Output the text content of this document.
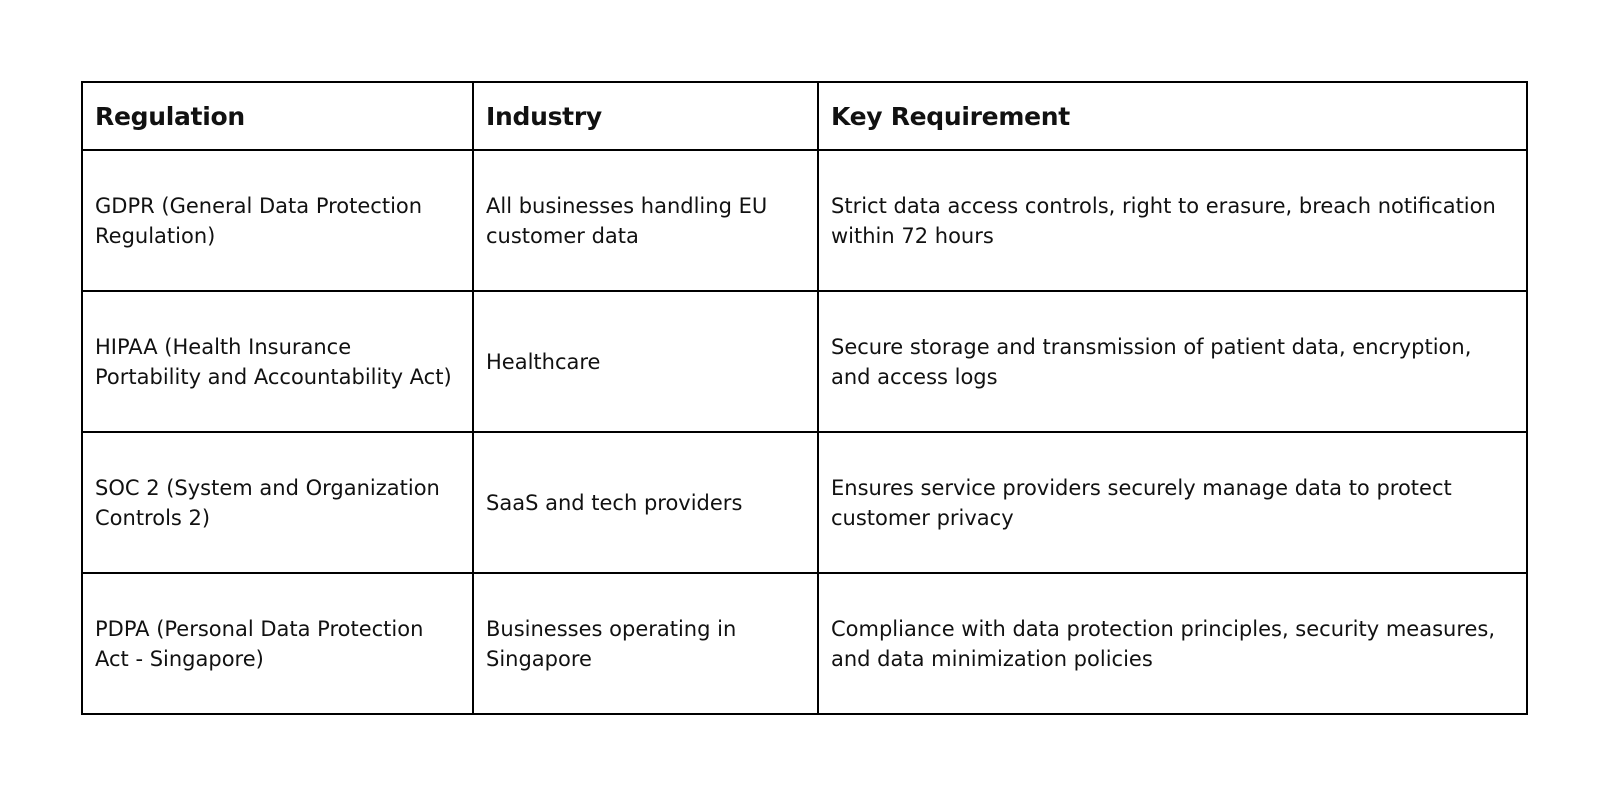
Regulation	Industry	Key Requirement
GDPR (General Data Protection Regulation)	All businesses handling EU customer data	Strict data access controls, right to erasure, breach notification within 72 hours
HIPAA (Health Insurance Portability and Accountability Act)	Healthcare	Secure storage and transmission of patient data, encryption, and access logs
SOC 2 (System and Organization Controls 2)	SaaS and tech providers	Ensures service providers securely manage data to protect customer privacy
PDPA (Personal Data Protection Act - Singapore)	Businesses operating in Singapore	Compliance with data protection principles, security measures, and data minimization policies
